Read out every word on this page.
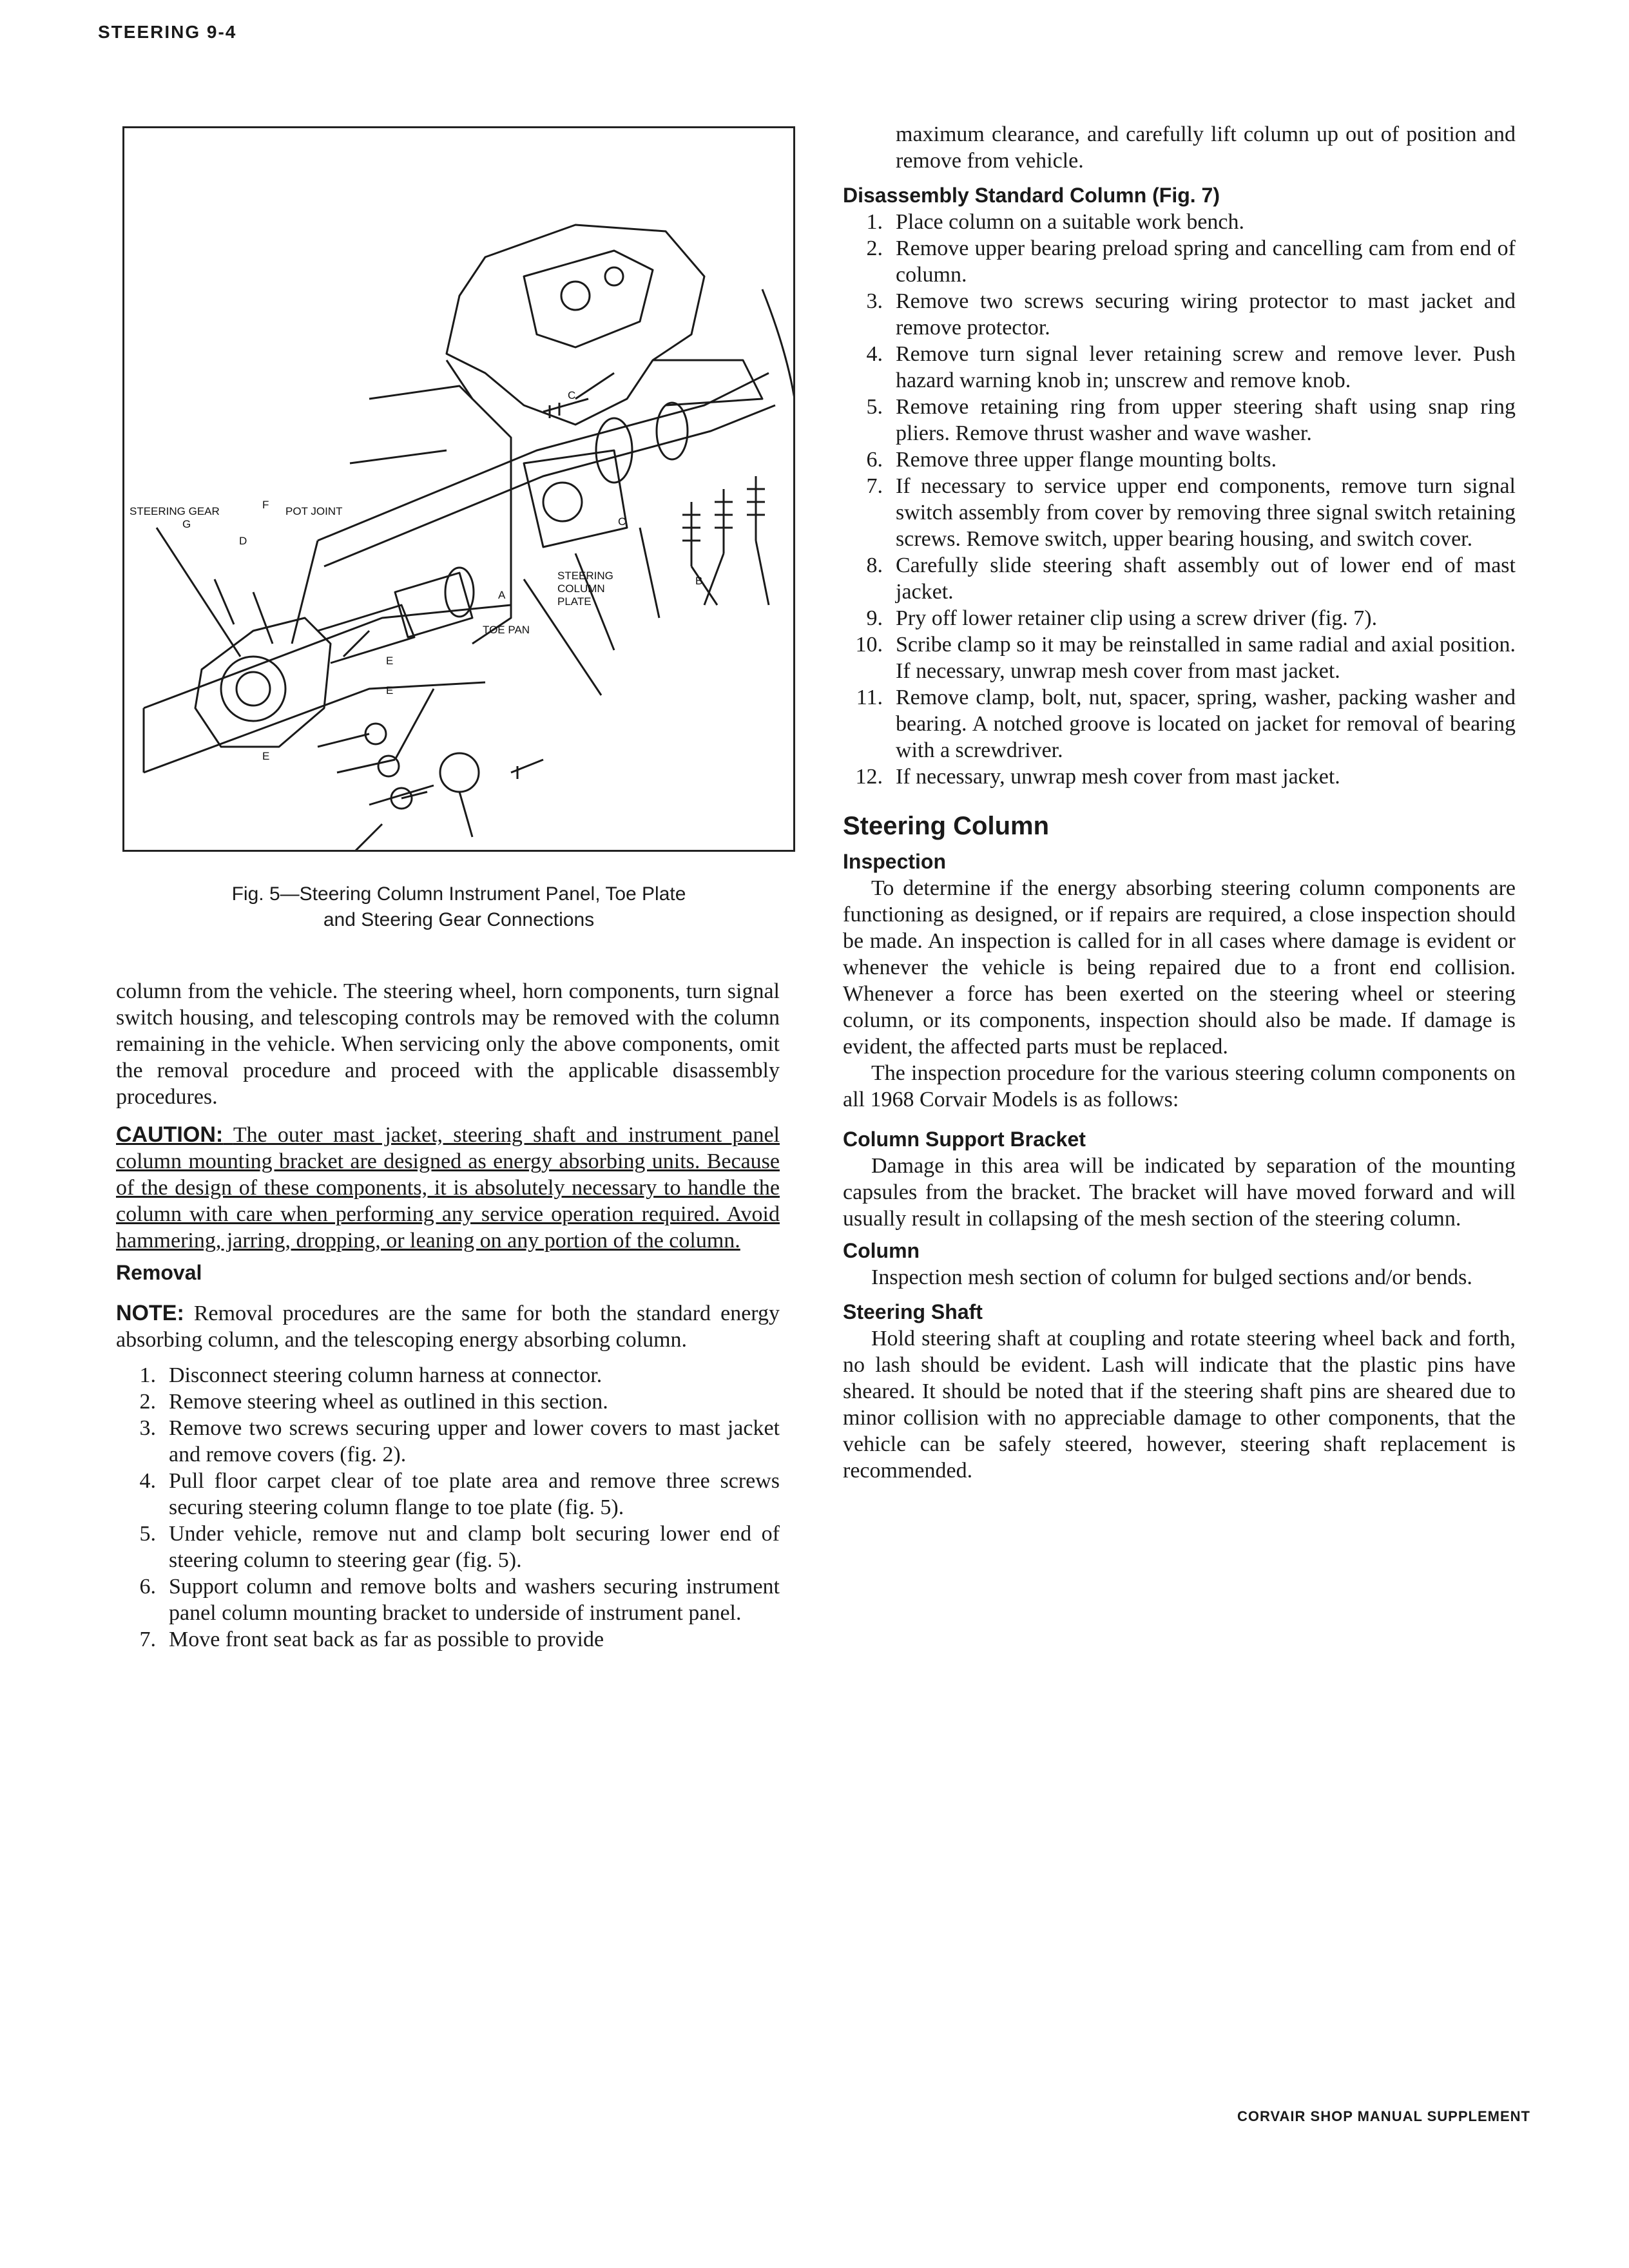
STEERING 9-4
STEERING GEAR	POT JOINT
STEERING
COLUMN
PLATE
TOE PAN
A
B
C
C
D
E
E
E
F
G
Fig. 5—Steering Column Instrument Panel, Toe Plate
and Steering Gear Connections

column from the vehicle. The steering wheel, horn components, turn signal switch housing, and telescoping controls may be removed with the column remaining in the vehicle. When servicing only the above components, omit the removal procedure and proceed with the applicable disassembly procedures.

CAUTION: The outer mast jacket, steering shaft and instrument panel column mounting bracket are designed as energy absorbing units. Because of the design of these components, it is absolutely necessary to handle the column with care when performing any service operation required. Avoid hammering, jarring, dropping, or leaning on any portion of the column.

Removal

NOTE: Removal procedures are the same for both the standard energy absorbing column, and the telescoping energy absorbing column.

1. Disconnect steering column harness at connector.
2. Remove steering wheel as outlined in this section.
3. Remove two screws securing upper and lower covers to mast jacket and remove covers (fig. 2).
4. Pull floor carpet clear of toe plate area and remove three screws securing steering column flange to toe plate (fig. 5).
5. Under vehicle, remove nut and clamp bolt securing lower end of steering column to steering gear (fig. 5).
6. Support column and remove bolts and washers securing instrument panel column mounting bracket to underside of instrument panel.
7. Move front seat back as far as possible to provide

maximum clearance, and carefully lift column up out of position and remove from vehicle.

Disassembly Standard Column (Fig. 7)
1. Place column on a suitable work bench.
2. Remove upper bearing preload spring and cancelling cam from end of column.
3. Remove two screws securing wiring protector to mast jacket and remove protector.
4. Remove turn signal lever retaining screw and remove lever. Push hazard warning knob in; unscrew and remove knob.
5. Remove retaining ring from upper steering shaft using snap ring pliers. Remove thrust washer and wave washer.
6. Remove three upper flange mounting bolts.
7. If necessary to service upper end components, remove turn signal switch assembly from cover by removing three signal switch retaining screws. Remove switch, upper bearing housing, and switch cover.
8. Carefully slide steering shaft assembly out of lower end of mast jacket.
9. Pry off lower retainer clip using a screw driver (fig. 7).
10. Scribe clamp so it may be reinstalled in same radial and axial position. If necessary, unwrap mesh cover from mast jacket.
11. Remove clamp, bolt, nut, spacer, spring, washer, packing washer and bearing. A notched groove is located on jacket for removal of bearing with a screwdriver.
12. If necessary, unwrap mesh cover from mast jacket.
Steering Column
Inspection

To determine if the energy absorbing steering column components are functioning as designed, or if repairs are required, a close inspection should be made. An inspection is called for in all cases where damage is evident or whenever the vehicle is being repaired due to a front end collision. Whenever a force has been exerted on the steering wheel or steering column, or its components, inspection should also be made. If damage is evident, the affected parts must be replaced.

The inspection procedure for the various steering column components on all 1968 Corvair Models is as follows:

Column Support Bracket

Damage in this area will be indicated by separation of the mounting capsules from the bracket. The bracket will have moved forward and will usually result in collapsing of the mesh section of the steering column.

Column

Inspection mesh section of column for bulged sections and/or bends.

Steering Shaft

Hold steering shaft at coupling and rotate steering wheel back and forth, no lash should be evident. Lash will indicate that the plastic pins have sheared. It should be noted that if the steering shaft pins are sheared due to minor collision with no appreciable damage to other components, that the vehicle can be safely steered, however, steering shaft replacement is recommended.

CORVAIR SHOP MANUAL SUPPLEMENT
